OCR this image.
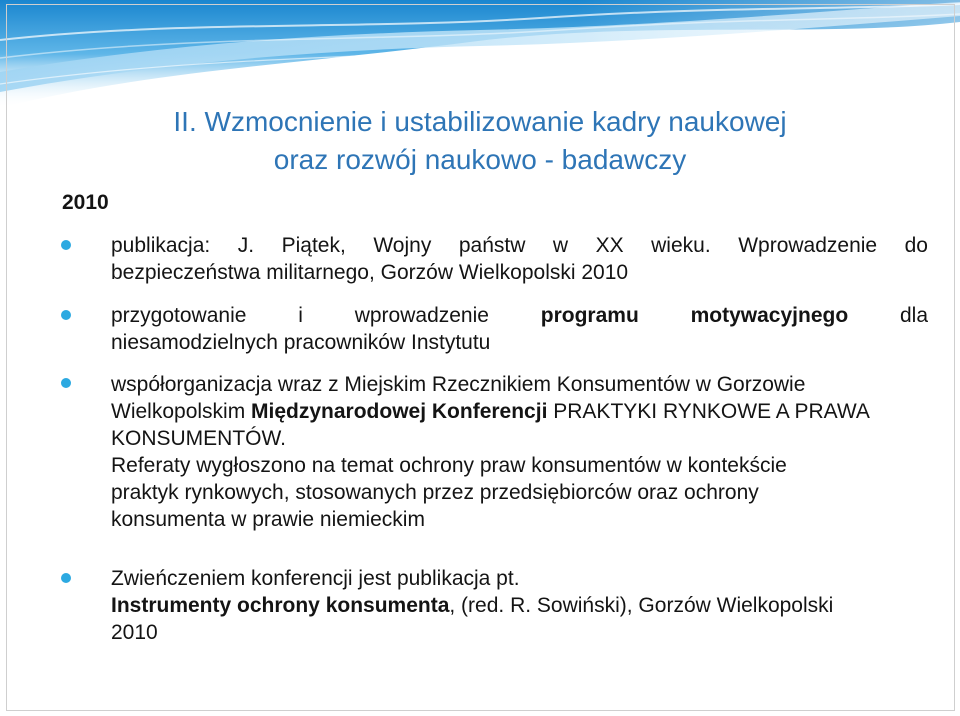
II. Wzmocnienie i ustabilizowanie kadry naukowej
oraz rozwój naukowo - badawczy
2010
publikacja: J. Piątek, Wojny państw w XX wieku. Wprowadzenie do
bezpieczeństwa militarnego, Gorzów Wielkopolski 2010
przygotowanie i wprowadzenie programu motywacyjnego dla
niesamodzielnych pracowników Instytutu
współorganizacja wraz z Miejskim Rzecznikiem Konsumentów w Gorzowie
Wielkopolskim Międzynarodowej Konferencji PRAKTYKI RYNKOWE A PRAWA
KONSUMENTÓW.
Referaty wygłoszono na temat ochrony praw konsumentów w kontekście
praktyk rynkowych, stosowanych przez przedsiębiorców oraz ochrony
konsumenta w prawie niemieckim
Zwieńczeniem konferencji jest publikacja pt.
Instrumenty ochrony konsumenta, (red. R. Sowiński), Gorzów Wielkopolski
2010
